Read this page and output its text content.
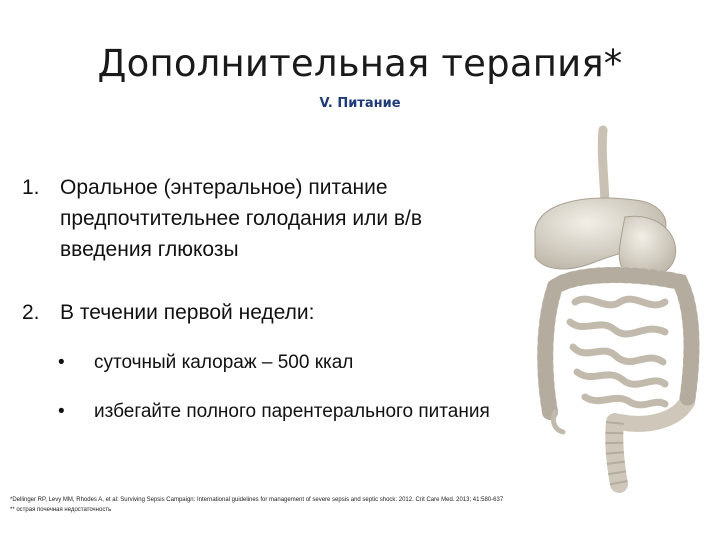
Дополнительная терапия*
V. Питание
1. Оральное (энтеральное) питание предпочтительнее голодания или в/в введения глюкозы
2. В течении первой недели:
• суточный калораж – 500 ккал
• избегайте полного парентерального питания
*Dellinger RP, Levy MM, Rhodes A, et al: Surviving Sepsis Campaign: International guidelines for management of severe sepsis and septic shock: 2012. Crit Care Med. 2013; 41:580-637
** острая почечная недостаточность
